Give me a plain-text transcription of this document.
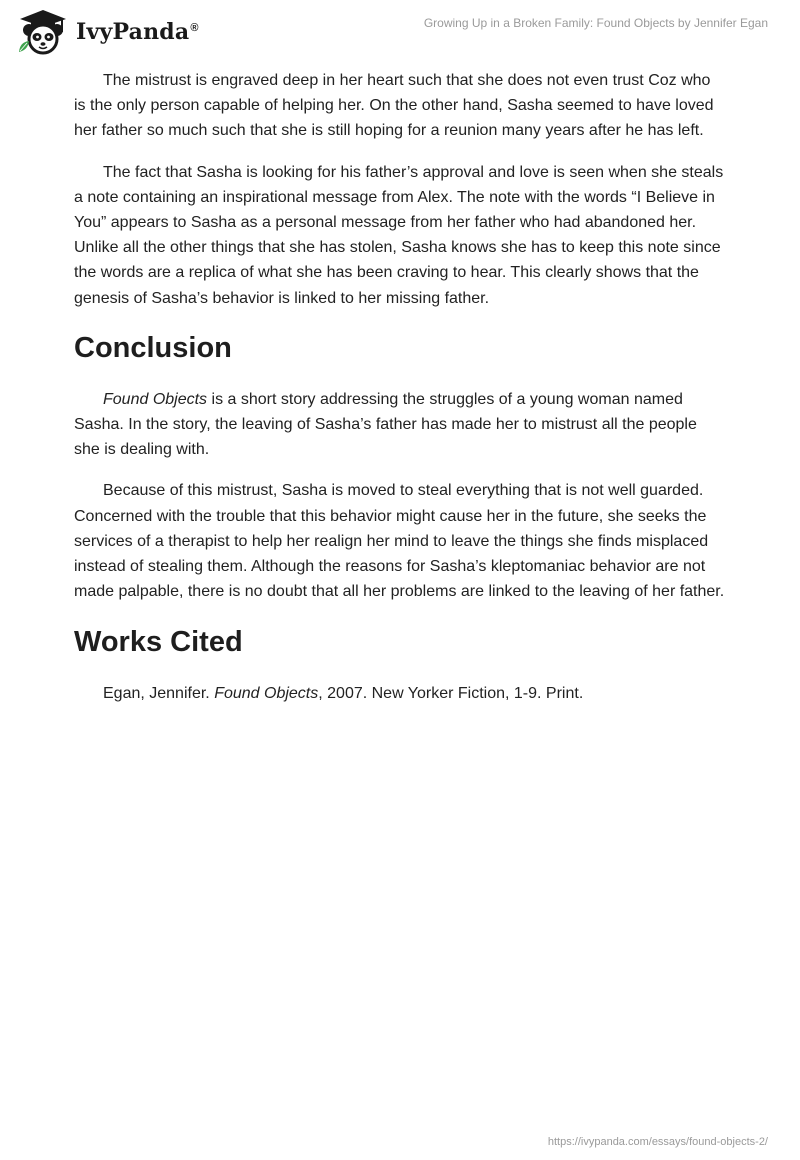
IvyPanda®	Growing Up in a Broken Family: Found Objects by Jennifer Egan

The mistrust is engraved deep in her heart such that she does not even trust Coz who is the only person capable of helping her. On the other hand, Sasha seemed to have loved her father so much such that she is still hoping for a reunion many years after he has left.

The fact that Sasha is looking for his father’s approval and love is seen when she steals a note containing an inspirational message from Alex. The note with the words “I Believe in You” appears to Sasha as a personal message from her father who had abandoned her. Unlike all the other things that she has stolen, Sasha knows she has to keep this note since the words are a replica of what she has been craving to hear. This clearly shows that the genesis of Sasha’s behavior is linked to her missing father.

Conclusion

Found Objects is a short story addressing the struggles of a young woman named Sasha. In the story, the leaving of Sasha’s father has made her to mistrust all the people she is dealing with.

Because of this mistrust, Sasha is moved to steal everything that is not well guarded. Concerned with the trouble that this behavior might cause her in the future, she seeks the services of a therapist to help her realign her mind to leave the things she finds misplaced instead of stealing them. Although the reasons for Sasha’s kleptomaniac behavior are not made palpable, there is no doubt that all her problems are linked to the leaving of her father.

Works Cited

Egan, Jennifer. Found Objects, 2007. New Yorker Fiction, 1-9. Print.

https://ivypanda.com/essays/found-objects-2/
